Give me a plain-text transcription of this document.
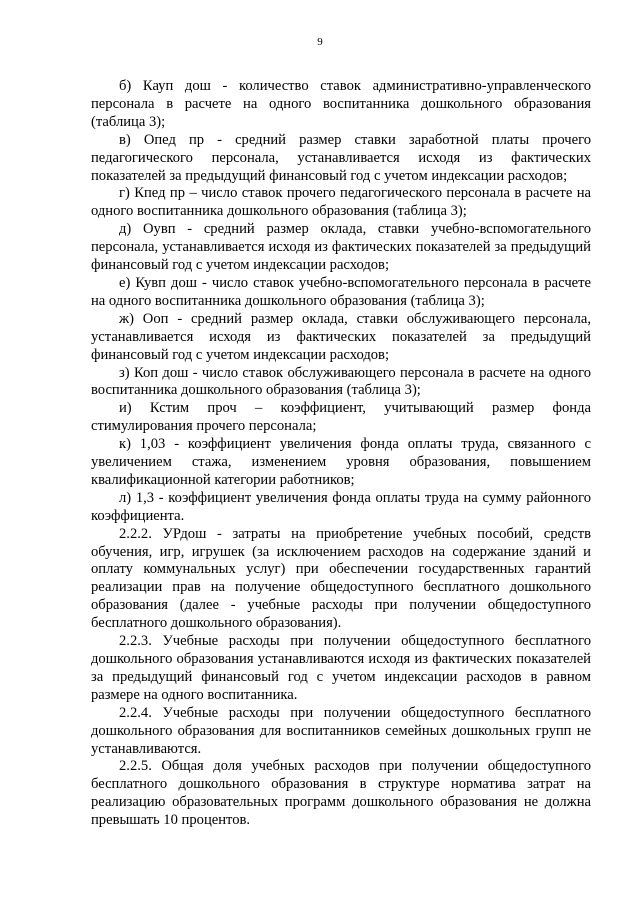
9

б) Кауп дош - количество ставок административно-управленческого персонала в расчете на одного воспитанника дошкольного образования (таблица 3);

в) Опед пр - средний размер ставки заработной платы прочего педагогического персонала, устанавливается исходя из фактических показателей за предыдущий финансовый год с учетом индексации расходов;

г) Кпед пр – число ставок прочего педагогического персонала в расчете на одного воспитанника дошкольного образования (таблица 3);

д) Оувп - средний размер оклада, ставки учебно-вспомогательного персонала, устанавливается исходя из фактических показателей за предыдущий финансовый год с учетом индексации расходов;

е) Кувп дош - число ставок учебно-вспомогательного персонала в расчете на одного воспитанника дошкольного образования (таблица 3);

ж) Ооп - средний размер оклада, ставки обслуживающего персонала, устанавливается исходя из фактических показателей за предыдущий финансовый год с учетом индексации расходов;

з) Коп дош - число ставок обслуживающего персонала в расчете на одного воспитанника дошкольного образования (таблица 3);

и) Кстим проч – коэффициент, учитывающий размер фонда стимулирования прочего персонала;

к) 1,03 - коэффициент увеличения фонда оплаты труда, связанного с увеличением стажа, изменением уровня образования, повышением квалификационной категории работников;

л) 1,3 - коэффициент увеличения фонда оплаты труда на сумму районного коэффициента.

2.2.2. УРдош - затраты на приобретение учебных пособий, средств обучения, игр, игрушек (за исключением расходов на содержание зданий и оплату коммунальных услуг) при обеспечении государственных гарантий реализации прав на получение общедоступного бесплатного дошкольного образования (далее - учебные расходы при получении общедоступного бесплатного дошкольного образования).

2.2.3. Учебные расходы при получении общедоступного бесплатного дошкольного образования устанавливаются исходя из фактических показателей за предыдущий финансовый год с учетом индексации расходов в равном размере на одного воспитанника.

2.2.4. Учебные расходы при получении общедоступного бесплатного дошкольного образования для воспитанников семейных дошкольных групп не устанавливаются.

2.2.5. Общая доля учебных расходов при получении общедоступного бесплатного дошкольного образования в структуре норматива затрат на реализацию образовательных программ дошкольного образования не должна превышать 10 процентов.
